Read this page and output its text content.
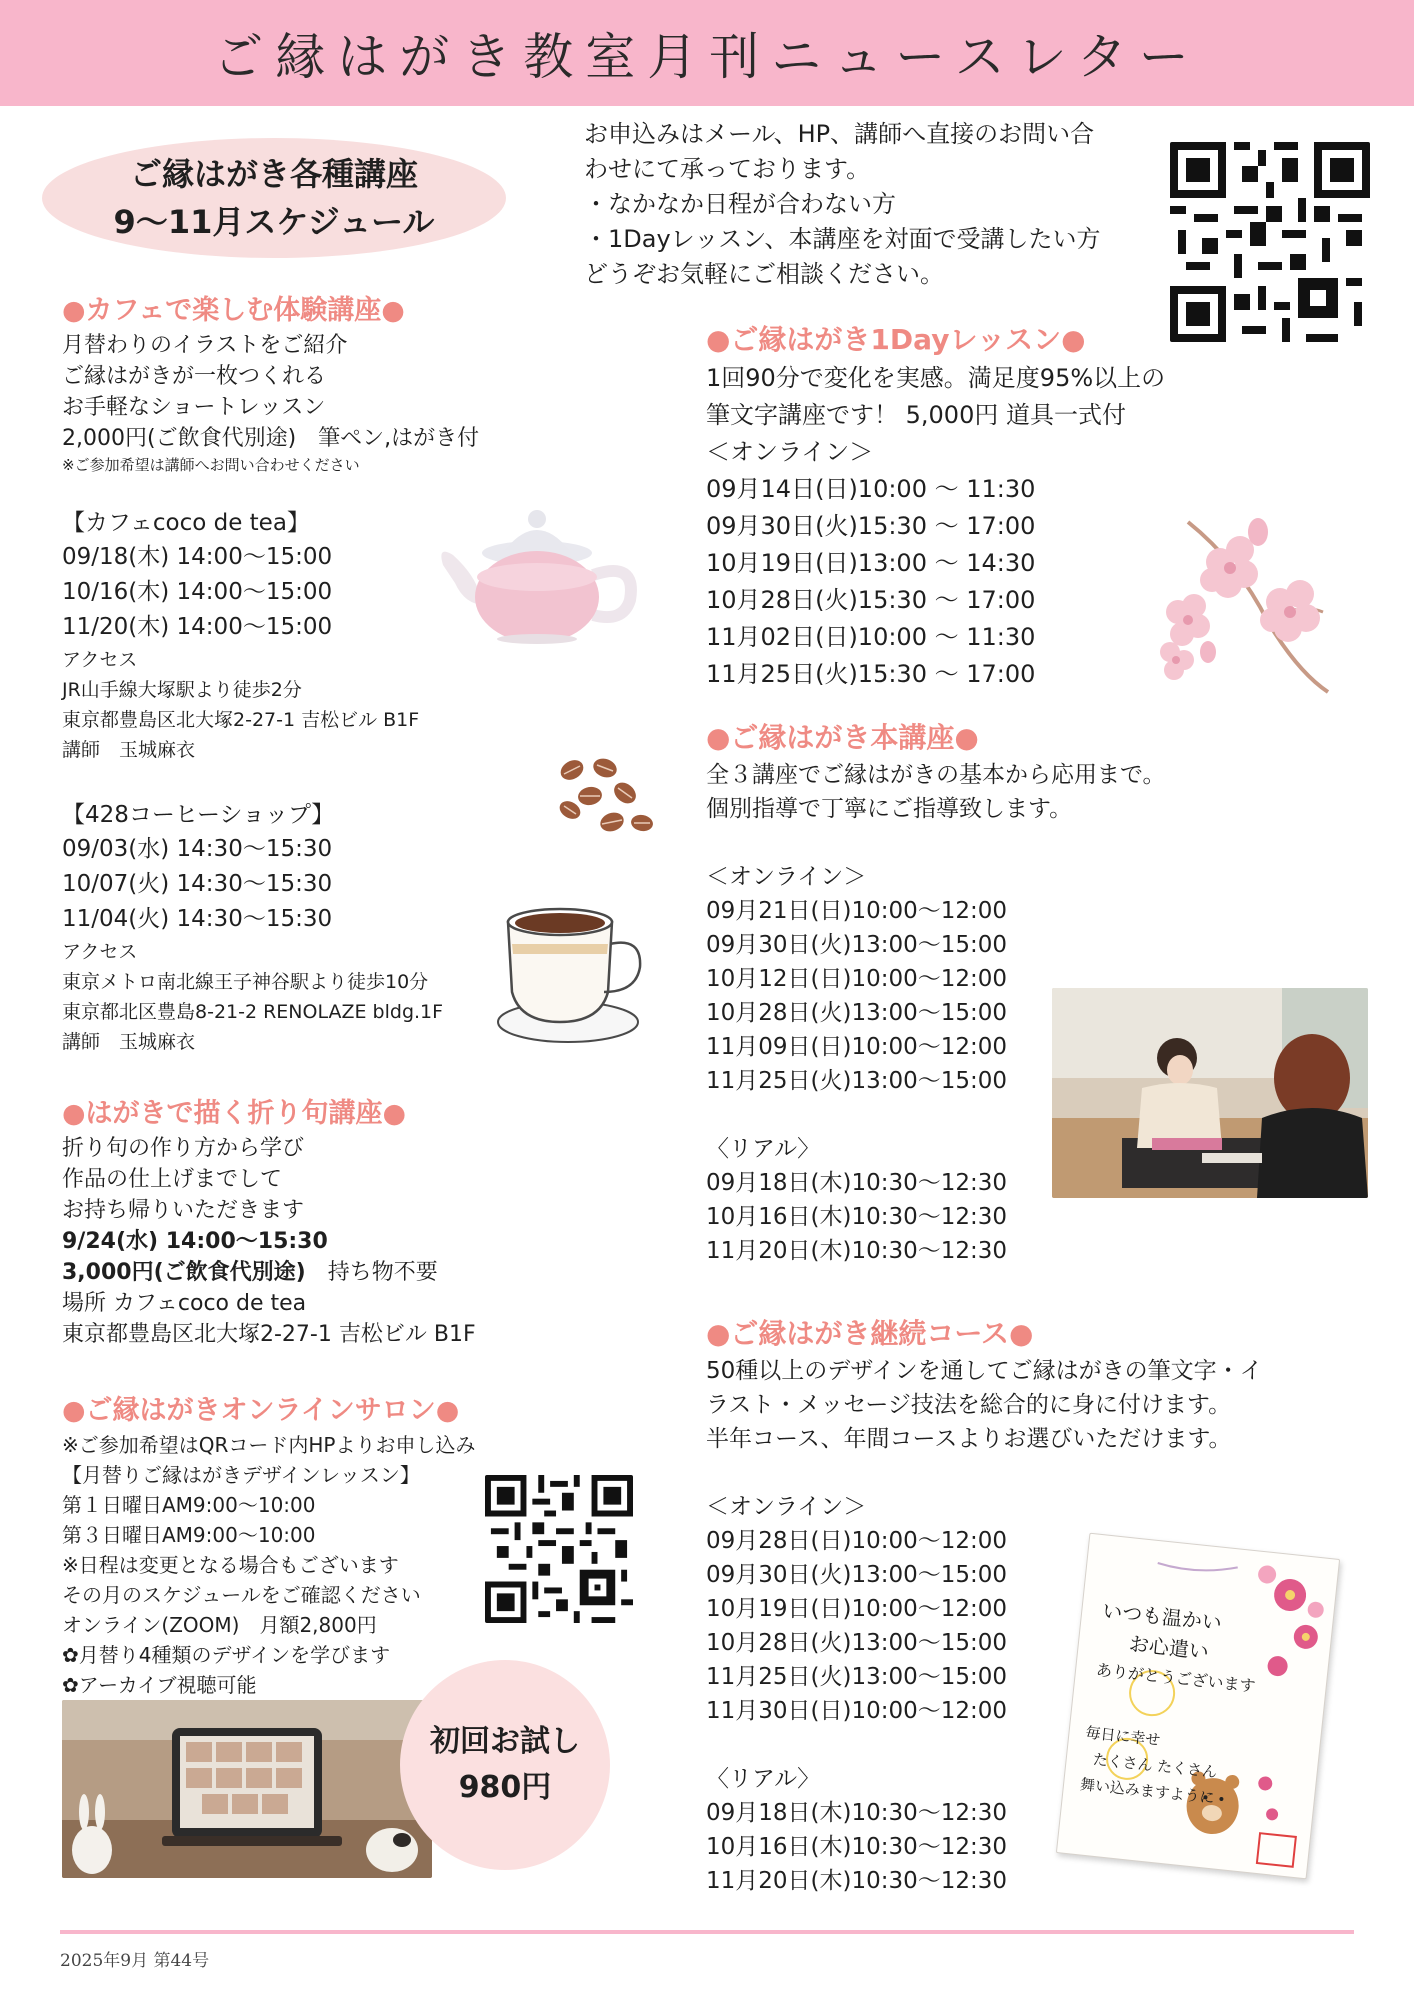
ご縁はがき教室月刊ニュースレター
ご縁はがき各種講座
9〜11月スケジュール
お申込みはメール、HP、講師へ直接のお問い合
わせにて承っております。
・なかなか日程が合わない方
・1Dayレッスン、本講座を対面で受講したい方
どうぞお気軽にご相談ください。
●カフェで楽しむ体験講座●
月替わりのイラストをご紹介
ご縁はがきが一枚つくれる
お手軽なショートレッスン
2,000円(ご飲食代別途)　筆ペン,はがき付
※ご参加希望は講師へお問い合わせください
【カフェcoco de tea】
09/18(木) 14:00〜15:00
10/16(木) 14:00〜15:00
11/20(木) 14:00〜15:00
アクセス
JR山手線大塚駅より徒歩2分
東京都豊島区北大塚2-27-1 吉松ビル B1F
講師　玉城麻衣
【428コーヒーショップ】
09/03(水) 14:30〜15:30
10/07(火) 14:30〜15:30
11/04(火) 14:30〜15:30
アクセス
東京メトロ南北線王子神谷駅より徒歩10分
東京都北区豊島8-21-2 RENOLAZE bldg.1F
講師　玉城麻衣
●はがきで描く折り句講座●
折り句の作り方から学び
作品の仕上げまでして
お持ち帰りいただきます
9/24(水) 14:00〜15:30
3,000円(ご飲食代別途)　持ち物不要
場所 カフェcoco de tea
東京都豊島区北大塚2-27-1 吉松ビル B1F
●ご縁はがきオンラインサロン●
※ご参加希望はQRコード内HPよりお申し込み
【月替りご縁はがきデザインレッスン】
第１日曜日AM9:00〜10:00
第３日曜日AM9:00〜10:00
※日程は変更となる場合もございます
その月のスケジュールをご確認ください
オンライン(ZOOM)　月額2,800円
✿月替り4種類のデザインを学びます
✿アーカイブ視聴可能
初回お試し
980円
●ご縁はがき1Dayレッスン●
1回90分で変化を実感。満足度95%以上の
筆文字講座です！ 5,000円 道具一式付
＜オンライン＞
09月14日(日)10:00 〜 11:30
09月30日(火)15:30 〜 17:00
10月19日(日)13:00 〜 14:30
10月28日(火)15:30 〜 17:00
11月02日(日)10:00 〜 11:30
11月25日(火)15:30 〜 17:00
●ご縁はがき本講座●
全３講座でご縁はがきの基本から応用まで。
個別指導で丁寧にご指導致します。
＜オンライン＞
09月21日(日)10:00〜12:00
09月30日(火)13:00〜15:00
10月12日(日)10:00〜12:00
10月28日(火)13:00〜15:00
11月09日(日)10:00〜12:00
11月25日(火)13:00〜15:00
〈リアル〉
09月18日(木)10:30〜12:30
10月16日(木)10:30〜12:30
11月20日(木)10:30〜12:30
●ご縁はがき継続コース●
50種以上のデザインを通してご縁はがきの筆文字・イ
ラスト・メッセージ技法を総合的に身に付けます。
半年コース、年間コースよりお選びいただけます。
＜オンライン＞
09月28日(日)10:00〜12:00
09月30日(火)13:00〜15:00
10月19日(日)10:00〜12:00
10月28日(火)13:00〜15:00
11月25日(火)13:00〜15:00
11月30日(日)10:00〜12:00
〈リアル〉
09月18日(木)10:30〜12:30
10月16日(木)10:30〜12:30
11月20日(木)10:30〜12:30
いつも温かい
お心遣い
ありがとうございます
毎日に幸せ
たくさん たくさん
舞い込みますように
2025年9月 第44号
